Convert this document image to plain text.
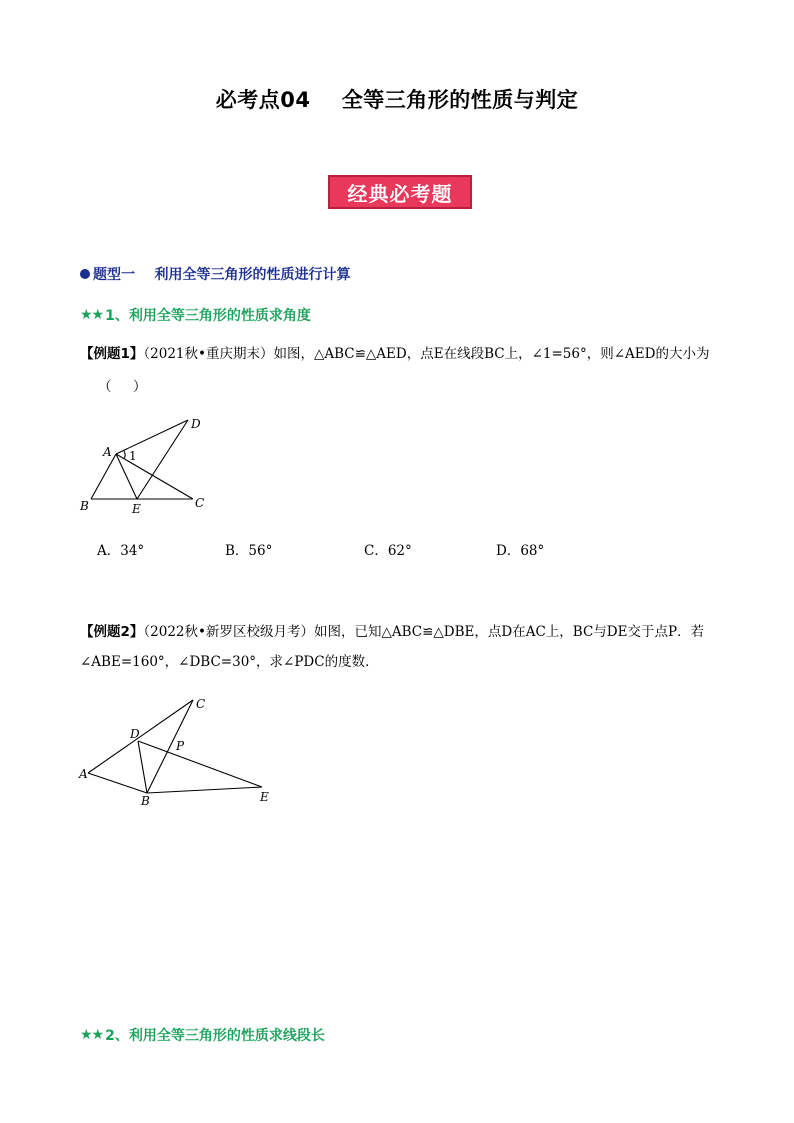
必考点04    全等三角形的性质与判定
经典必考题
题型一    利用全等三角形的性质进行计算
★★ 1、利用全等三角形的性质求角度
【例题1】（2021秋•重庆期末）如图，△ABC≌△AED，点E在线段BC上，∠1=56°，则∠AED的大小为
（     ）
A
B	C
D
E
1
A．34°	B．56°	C．62°	D．68°
【例题2】（2022秋•新罗区校级月考）如图，已知△ABC≌△DBE，点D在AC上，BC与DE交于点P．若
∠ABE=160°，∠DBC=30°，求∠PDC的度数．
A
B
C
D
E
P
★★ 2、利用全等三角形的性质求线段长
